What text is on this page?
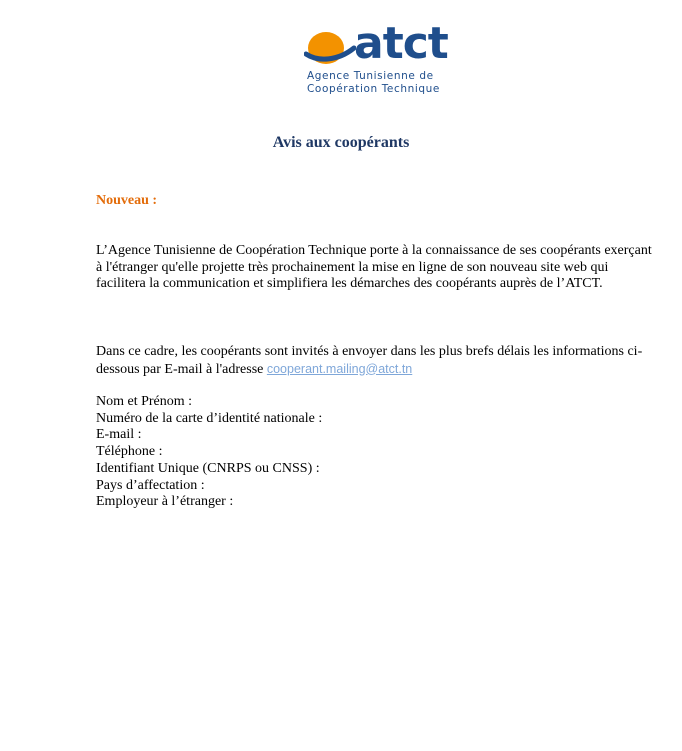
atct
Agence Tunisienne de
Coopération Technique
Avis aux coopérants
Nouveau :
L’Agence Tunisienne de Coopération Technique porte à la connaissance de ses coopérants exerçant à l'étranger qu'elle projette très prochainement la mise en ligne de son nouveau site web qui facilitera la communication et simplifiera les démarches des coopérants auprès de l’ATCT.
Dans ce cadre, les coopérants sont invités à envoyer dans les plus brefs délais les informations ci-dessous par E-mail à l'adresse cooperant.mailing@atct.tn
Nom et Prénom :
Numéro de la carte d’identité nationale :
E-mail :
Téléphone :
Identifiant Unique (CNRPS ou CNSS) :
Pays d’affectation :
Employeur à l’étranger :
